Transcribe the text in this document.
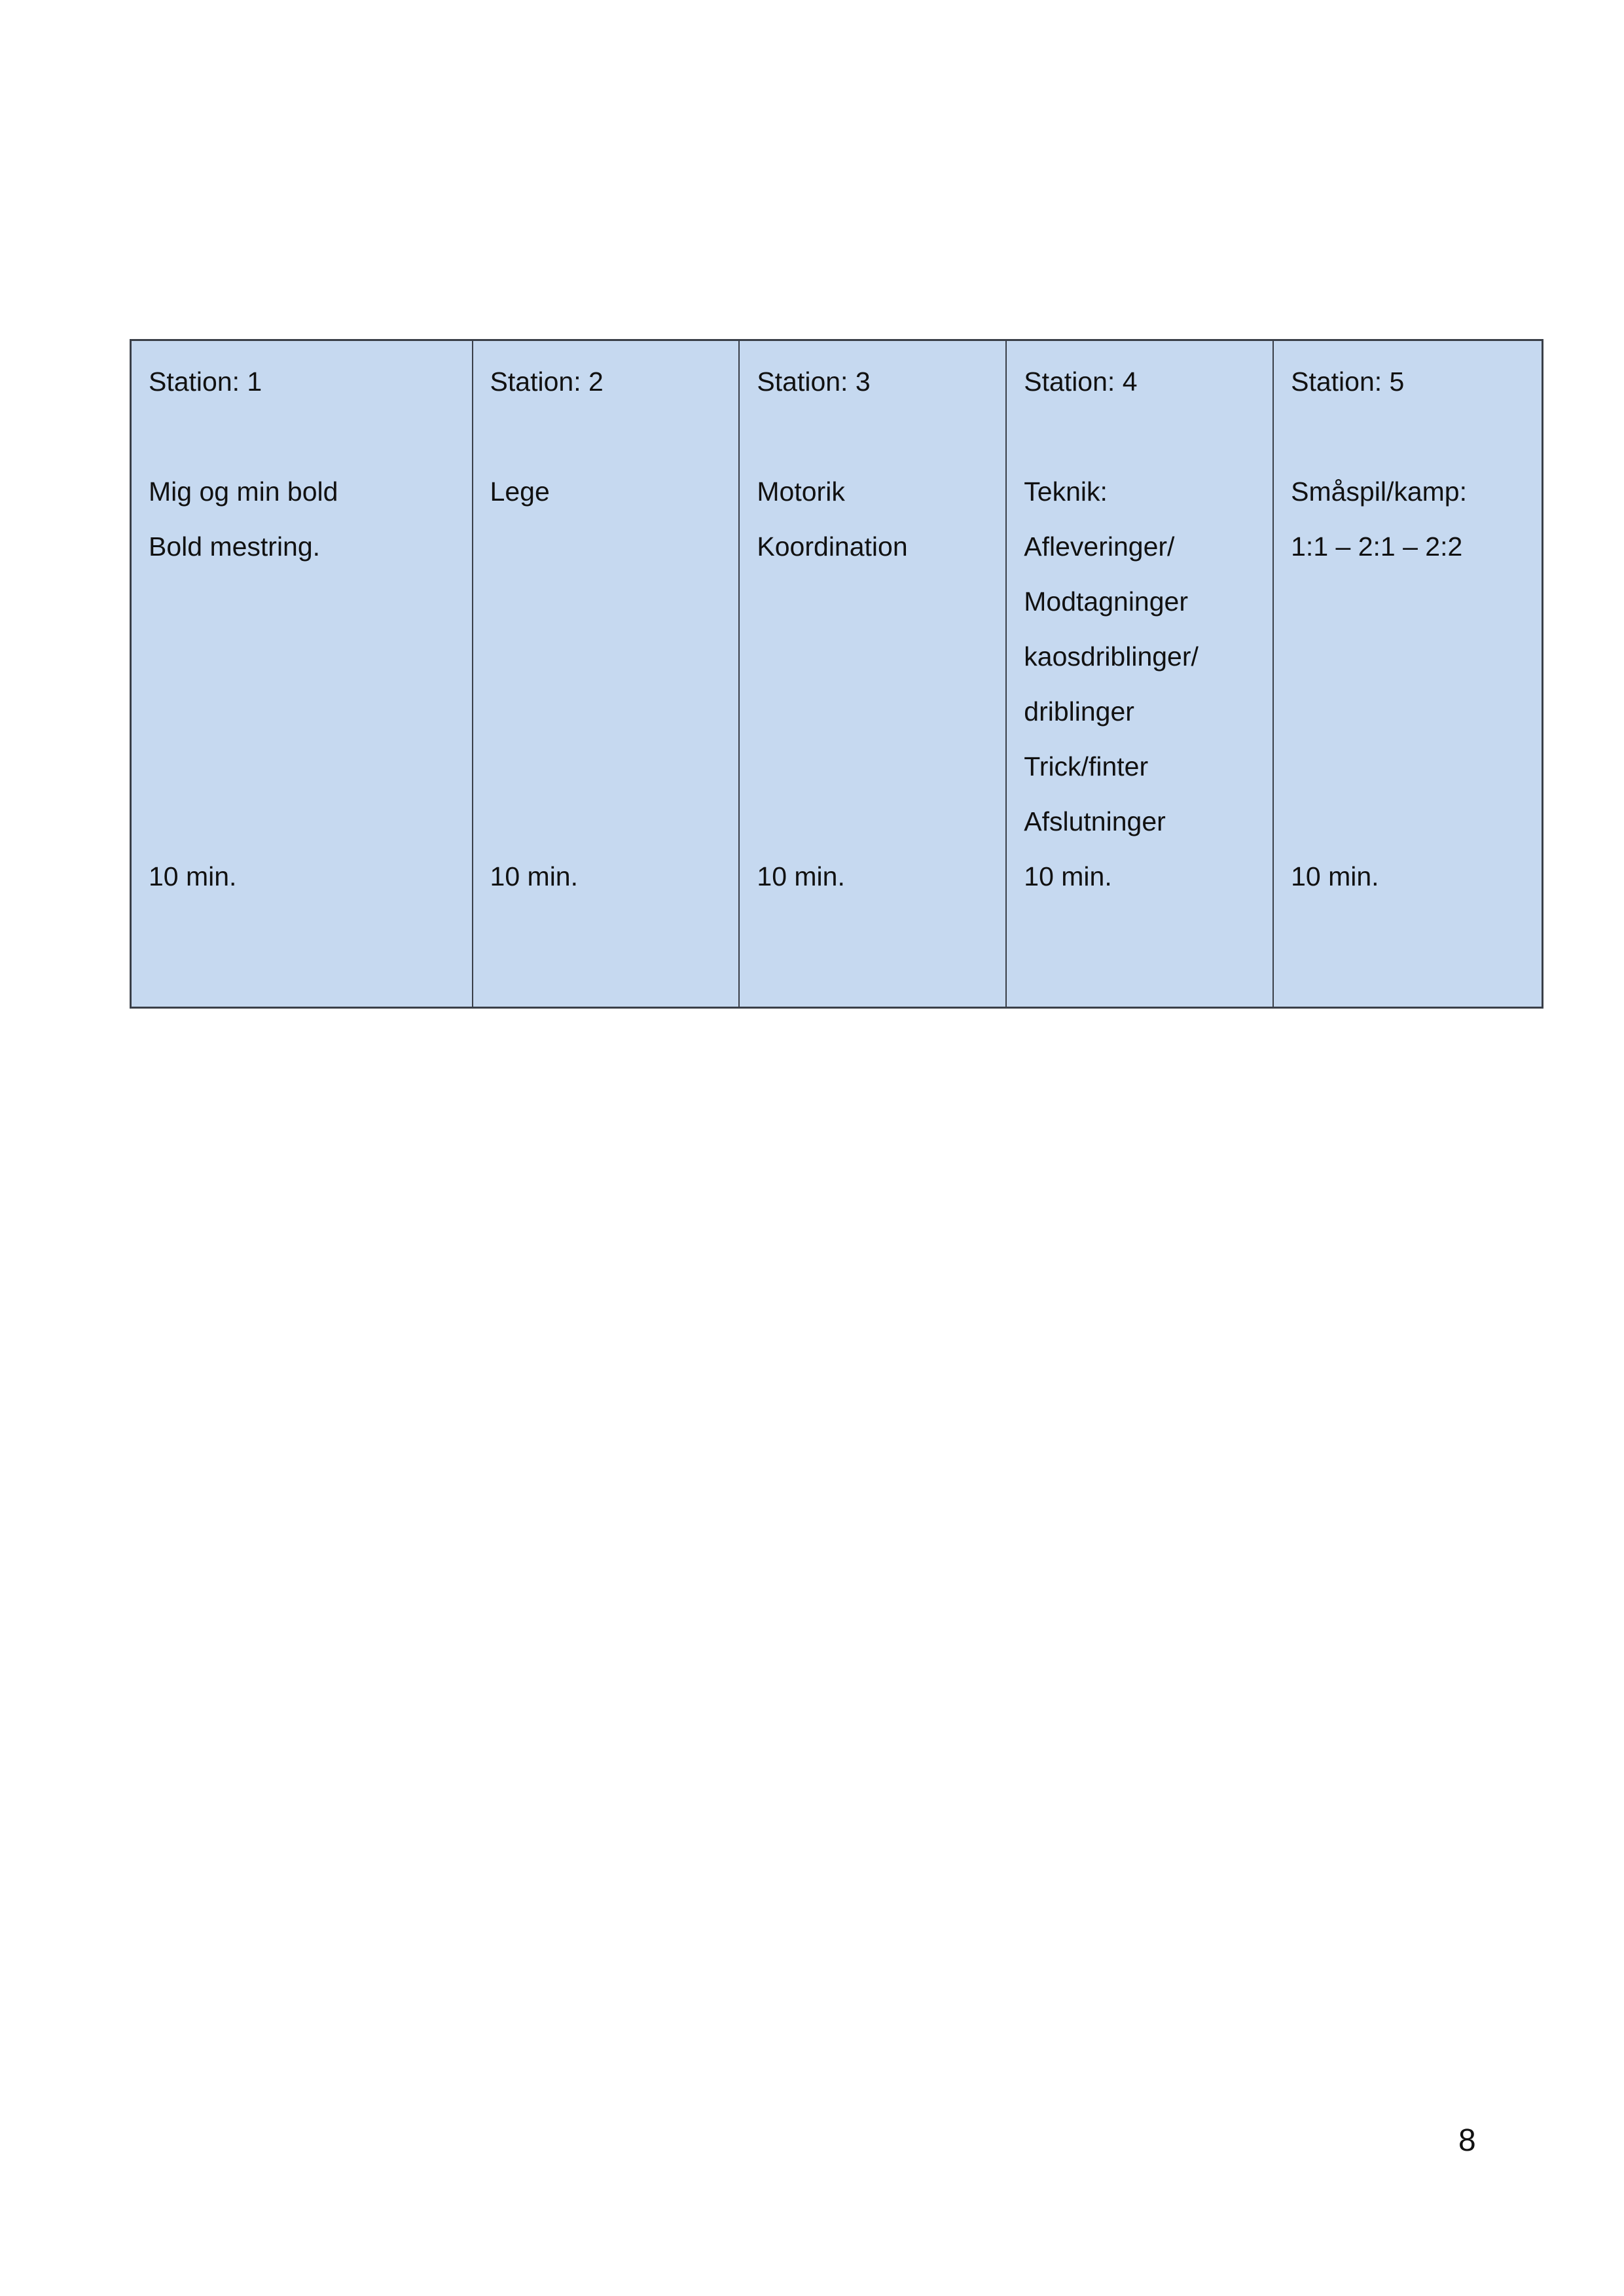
Station: 1
Mig og min bold
Bold mestring.
10 min.
Station: 2
Lege
10 min.
Station: 3
Motorik
Koordination
10 min.
Station: 4
Teknik:
Afleveringer/
Modtagninger
kaosdriblinger/
driblinger
Trick/finter
Afslutninger
10 min.
Station: 5
Småspil/kamp:
1:1 – 2:1 – 2:2
10 min.
8
